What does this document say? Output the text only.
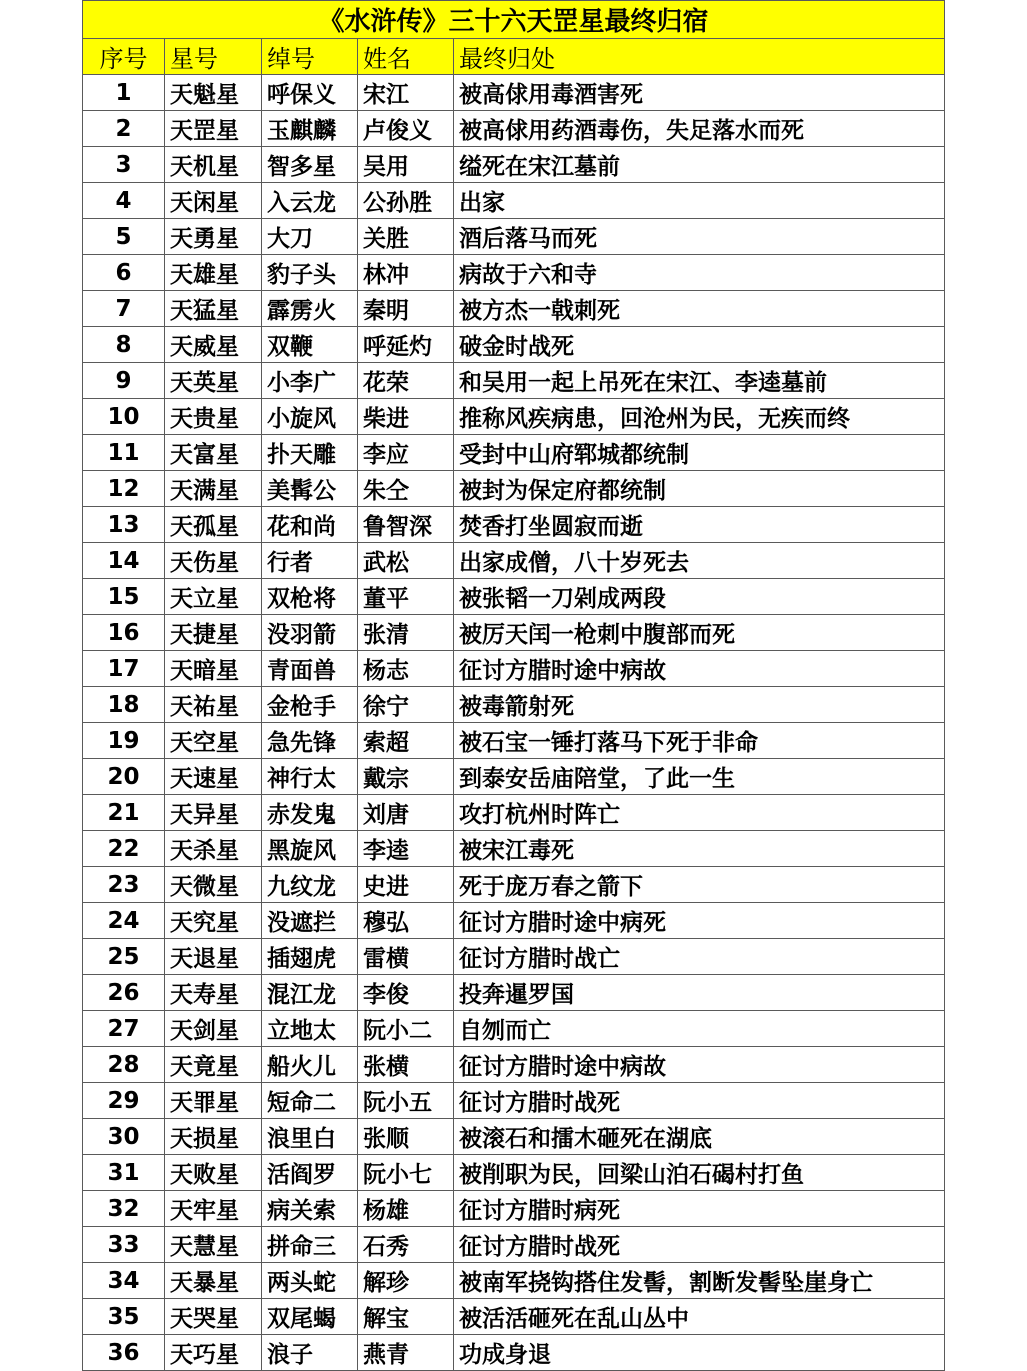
《水浒传》三十六天罡星最终归宿				
序号	星号	绰号	姓名	最终归处
1	天魁星	呼保义	宋江	被高俅用毒酒害死
2	天罡星	玉麒麟	卢俊义	被高俅用药酒毒伤，失足落水而死
3	天机星	智多星	吴用	缢死在宋江墓前
4	天闲星	入云龙	公孙胜	出家
5	天勇星	大刀	关胜	酒后落马而死
6	天雄星	豹子头	林冲	病故于六和寺
7	天猛星	霹雳火	秦明	被方杰一戟刺死
8	天威星	双鞭	呼延灼	破金时战死
9	天英星	小李广	花荣	和吴用一起上吊死在宋江、李逵墓前
10	天贵星	小旋风	柴进	推称风疾病患，回沧州为民，无疾而终
11	天富星	扑天雕	李应	受封中山府郓城都统制
12	天满星	美髯公	朱仝	被封为保定府都统制
13	天孤星	花和尚	鲁智深	焚香打坐圆寂而逝
14	天伤星	行者	武松	出家成僧，八十岁死去
15	天立星	双枪将	董平	被张韬一刀剁成两段
16	天捷星	没羽箭	张清	被厉天闰一枪刺中腹部而死
17	天暗星	青面兽	杨志	征讨方腊时途中病故
18	天祐星	金枪手	徐宁	被毒箭射死
19	天空星	急先锋	索超	被石宝一锤打落马下死于非命
20	天速星	神行太	戴宗	到泰安岳庙陪堂，了此一生
21	天异星	赤发鬼	刘唐	攻打杭州时阵亡
22	天杀星	黑旋风	李逵	被宋江毒死
23	天微星	九纹龙	史进	死于庞万春之箭下
24	天究星	没遮拦	穆弘	征讨方腊时途中病死
25	天退星	插翅虎	雷横	征讨方腊时战亡
26	天寿星	混江龙	李俊	投奔暹罗国
27	天剑星	立地太	阮小二	自刎而亡
28	天竟星	船火儿	张横	征讨方腊时途中病故
29	天罪星	短命二	阮小五	征讨方腊时战死
30	天损星	浪里白	张顺	被滚石和擂木砸死在湖底
31	天败星	活阎罗	阮小七	被削职为民，回梁山泊石碣村打鱼
32	天牢星	病关索	杨雄	征讨方腊时病死
33	天慧星	拼命三	石秀	征讨方腊时战死
34	天暴星	两头蛇	解珍	被南军挠钩搭住发髻，割断发髻坠崖身亡
35	天哭星	双尾蝎	解宝	被活活砸死在乱山丛中
36	天巧星	浪子	燕青	功成身退
